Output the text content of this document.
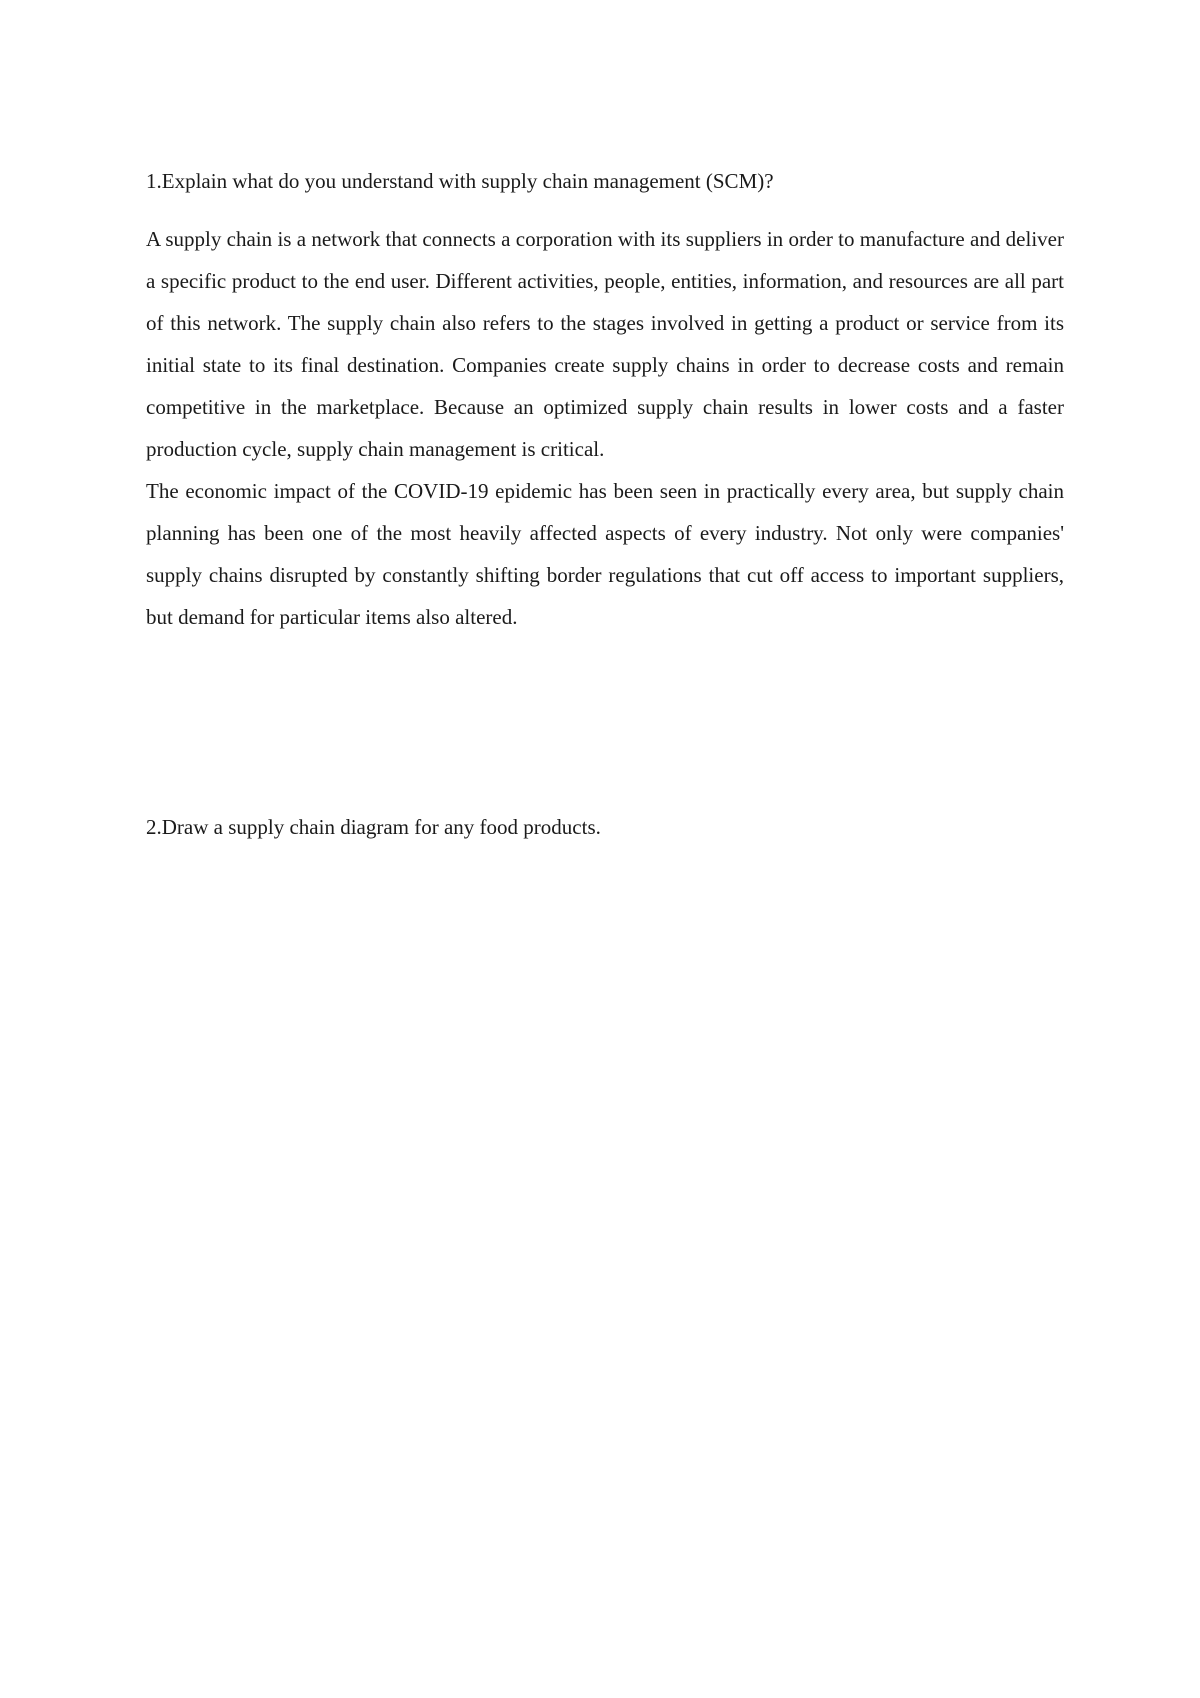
1.Explain what do you understand with supply chain management (SCM)?

A supply chain is a network that connects a corporation with its suppliers in order to manufacture and deliver a specific product to the end user. Different activities, people, entities, information, and resources are all part of this network. The supply chain also refers to the stages involved in getting a product or service from its initial state to its final destination. Companies create supply chains in order to decrease costs and remain competitive in the marketplace. Because an optimized supply chain results in lower costs and a faster production cycle, supply chain management is critical.

The economic impact of the COVID-19 epidemic has been seen in practically every area, but supply chain planning has been one of the most heavily affected aspects of every industry. Not only were companies' supply chains disrupted by constantly shifting border regulations that cut off access to important suppliers, but demand for particular items also altered.

2.Draw a supply chain diagram for any food products.
